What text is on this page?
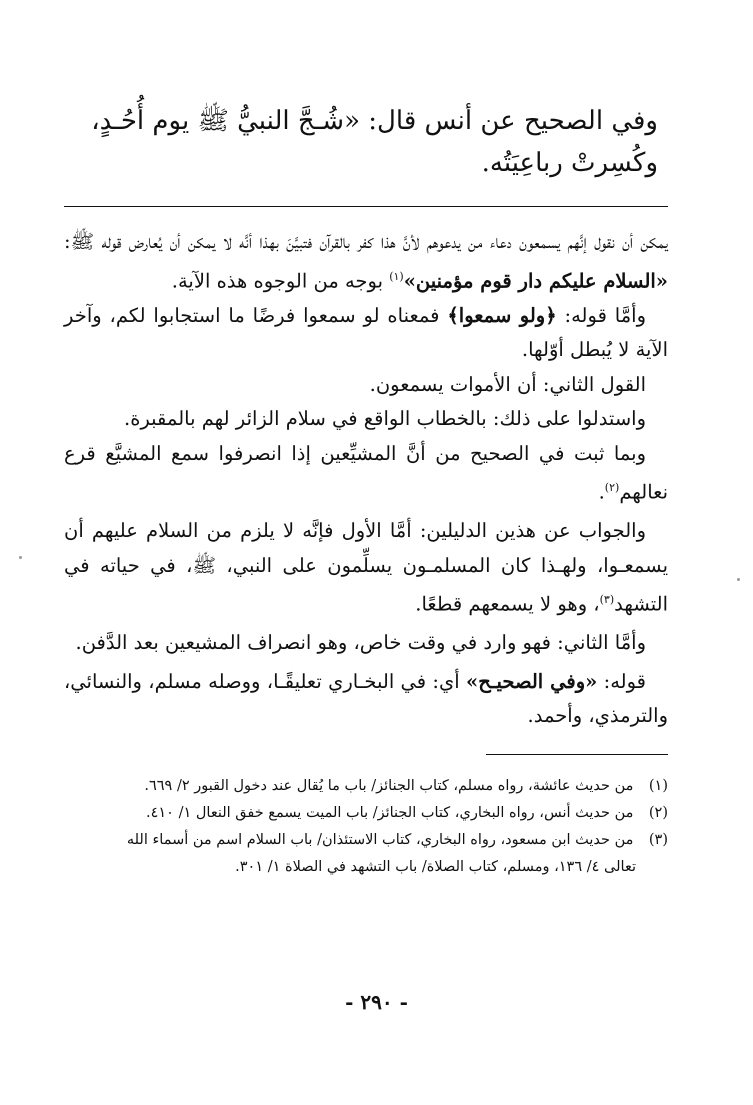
وفي الصحيح عن أنس قال: «شُـجَّ النبيُّ ﷺ يوم أُحُـدٍ،
وكُسِرتْ رباعِيَتُه.

يمكن أن نقول إنَّهم يسمعون دعاء من يدعوهم لأنَّ هذا كفر بالقرآن فتبيَّنَ بهذا أنَّه لا يمكن أن يُعارض قوله ﷺ: «السلام عليكم دار قوم مؤمنين»$^{(١)}$ بوجه من الوجوه هذه الآية.

وأمَّا قوله: ﴿ولو سمعوا﴾ فمعناه لو سمعوا فرضًا ما استجابوا لكم، وآخر الآية لا يُبطل أوّلها.

القول الثاني: أن الأموات يسمعون.

واستدلوا على ذلك: بالخطاب الواقع في سلام الزائر لهم بالمقبرة.

وبما ثبت في الصحيح من أنَّ المشيِّعين إذا انصرفوا سمع المشيَّع قرع نعالهم$^{(٢)}$.

والجواب عن هذين الدليلين: أمَّا الأول فإنَّه لا يلزم من السلام عليهم أن يسمعـوا، ولهـذا كان المسلمـون يسلِّمون على النبي، ﷺ، في حياته في التشهد$^{(٣)}$، وهو لا يسمعهم قطعًا.

وأمَّا الثاني: فهو وارد في وقت خاص، وهو انصراف المشيعين بعد الدَّفن.

قوله: «وفي الصحيـح» أي: في البخـاري تعليقًـا، ووصله مسلم، والنسائي، والترمذي، وأحمد.

(١) من حديث عائشة، رواه مسلم، كتاب الجنائز/ باب ما يُقال عند دخول القبور ٢/ ٦٦٩.

(٢) من حديث أنس، رواه البخاري، كتاب الجنائز/ باب الميت يسمع خفق النعال ١/ ٤١٠.

(٣) من حديث ابن مسعود، رواه البخاري، كتاب الاستئذان/ باب السلام اسم من أسماء الله

تعالى ٤/ ١٣٦، ومسلم، كتاب الصلاة/ باب التشهد في الصلاة ١/ ٣٠١.

- ٢٩٠ -
